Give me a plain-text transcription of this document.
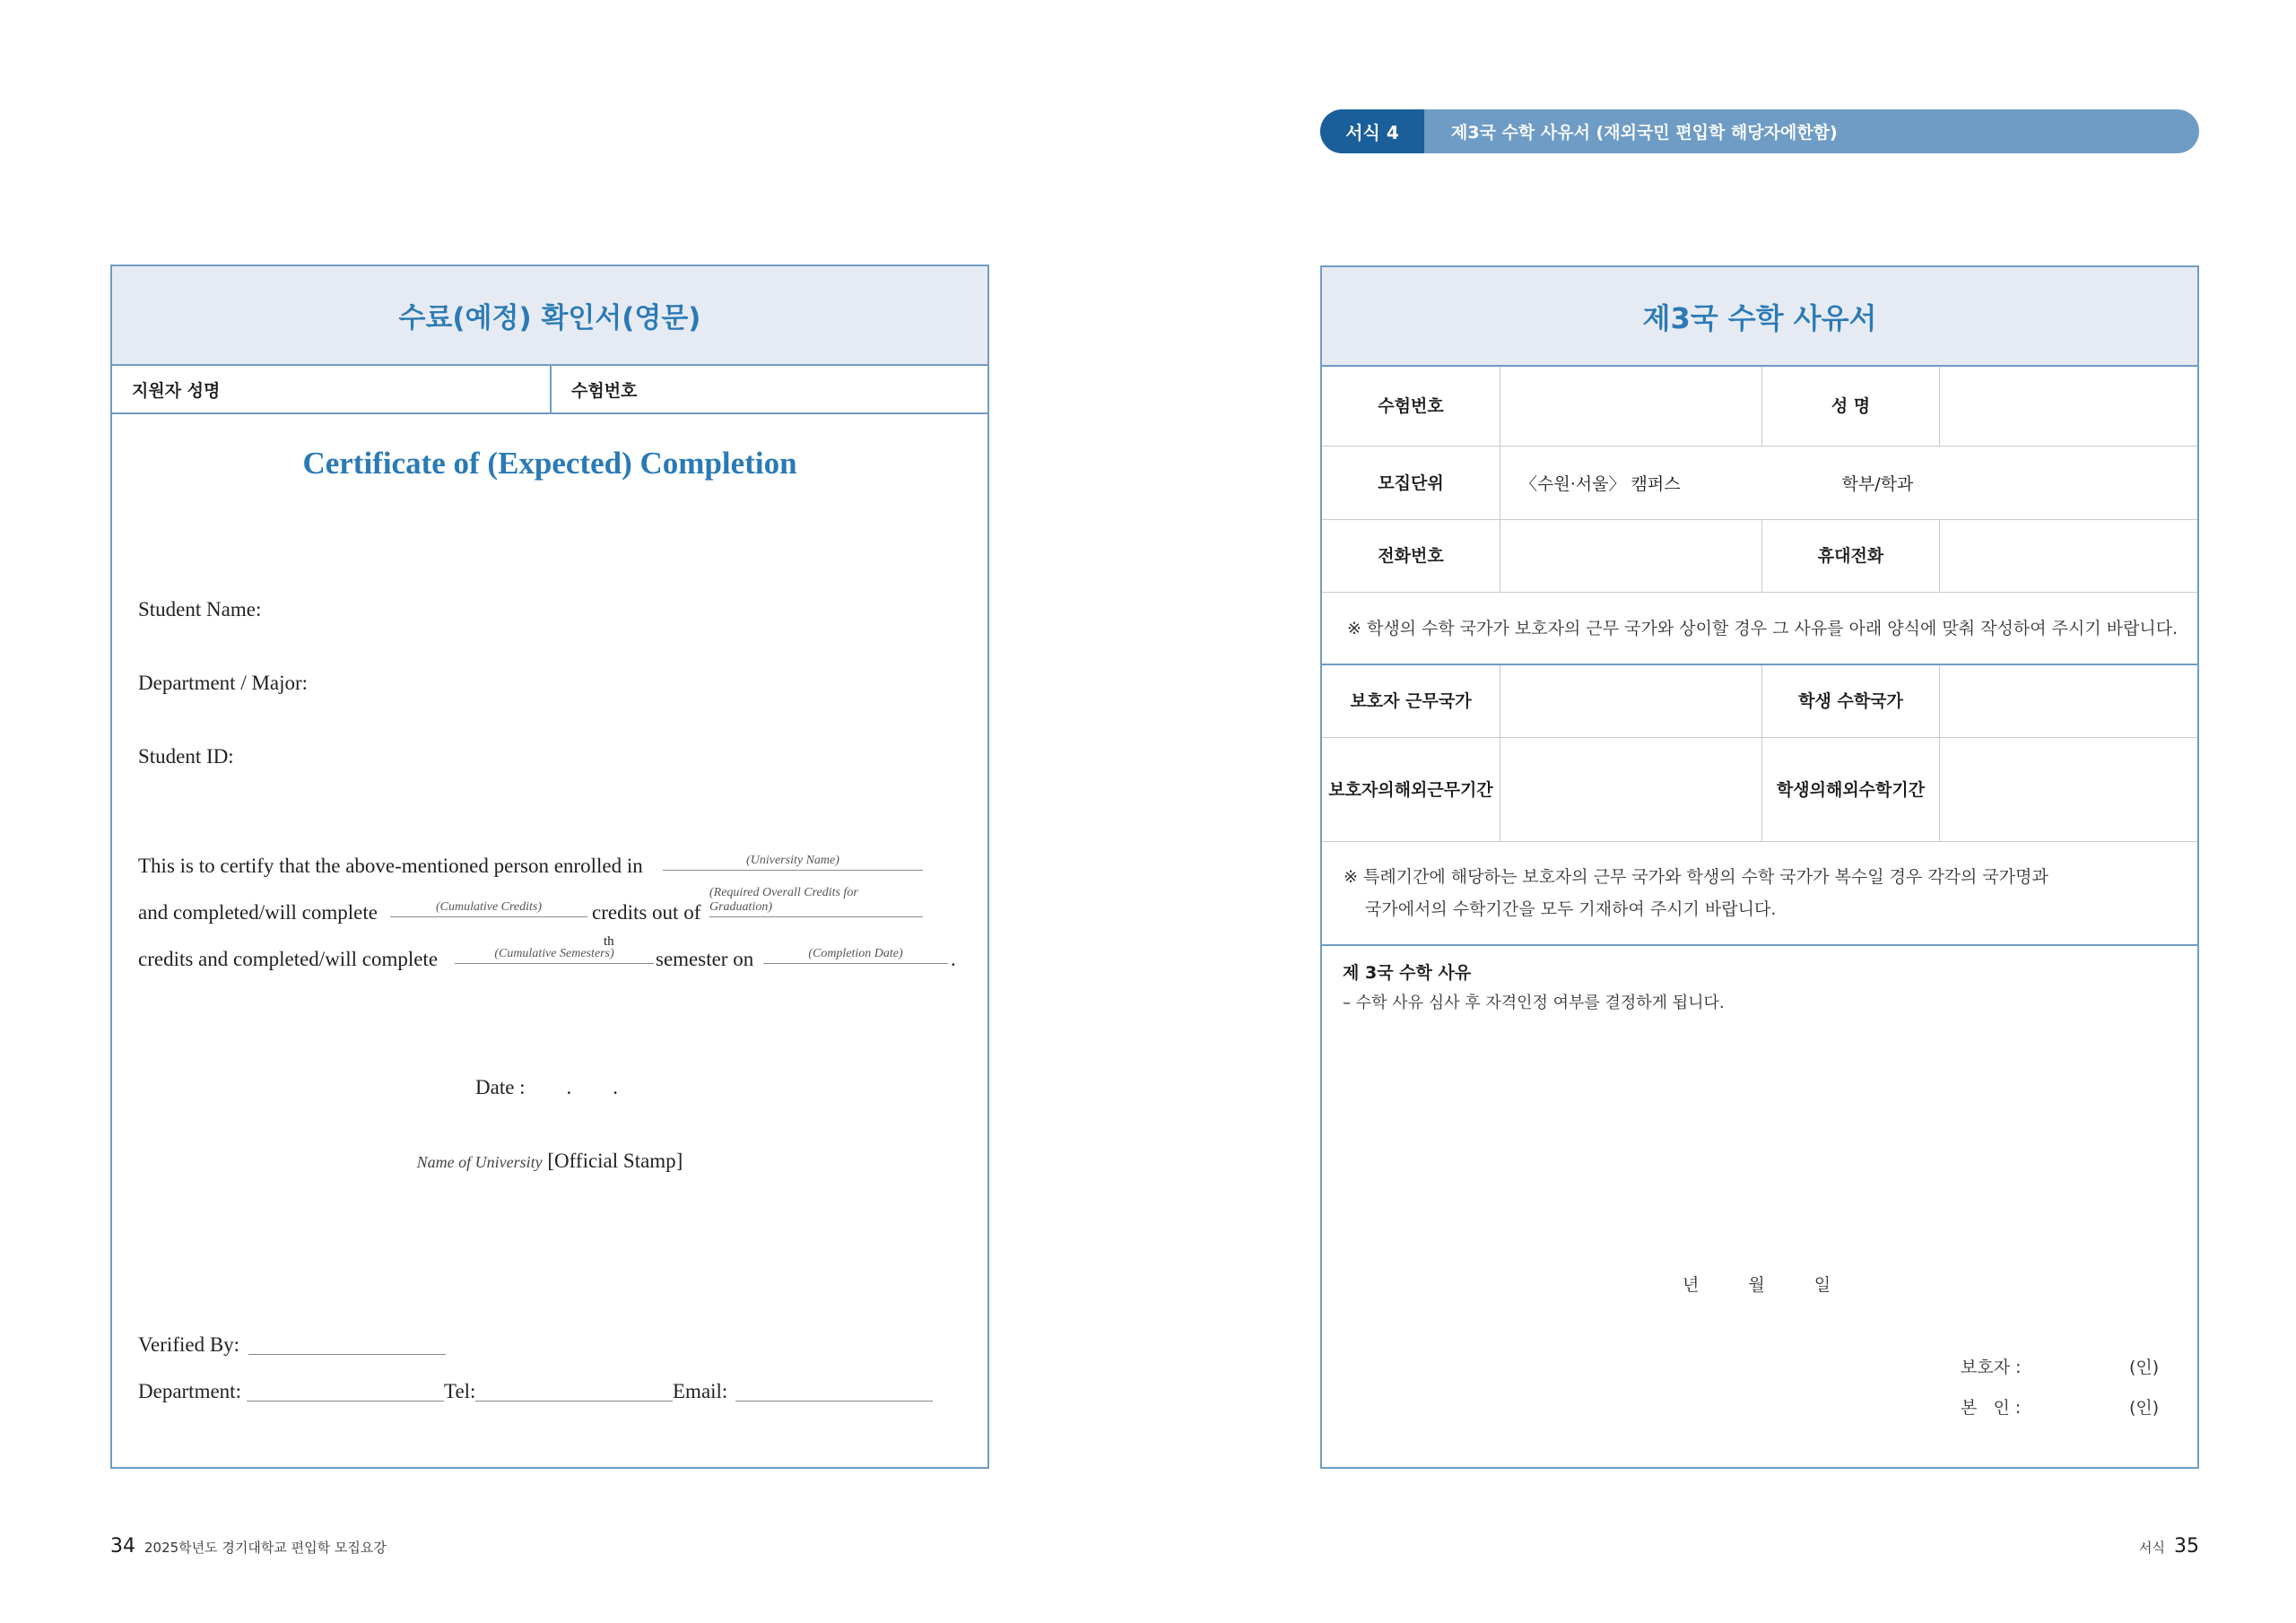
수료(예정) 확인서(영문)
지원자 성명	수험번호
Certificate of (Expected) Completion
Student Name:
Department / Major:
Student ID:
This is to certify that the above-mentioned person enrolled in	(University Name)
and completed/will complete	(Cumulative Credits) credits out of
(Required Overall Credits for Graduation)
credits and completed/will complete	(Cumulative Semesters)
th
semester on	(Completion Date) .
Date :        .        .
Name of University [Official Stamp]
Verified By:
Department:	Tel:	Email:
서식 4	제3국 수학 사유서 (재외국민 편입학 해당자에한함)
제3국 수학 사유서
수험번호	성 명
모집단위	〈수원·서울〉 캠퍼스	학부/학과
전화번호	휴대전화
※ 학생의 수학 국가가 보호자의 근무 국가와 상이할 경우 그 사유를 아래 양식에 맞춰 작성하여 주시기 바랍니다.
보호자 근무국가	학생 수학국가
보호자의 해외근무기간	학생의 해외수학기간
※ 특례기간에 해당하는 보호자의 근무 국가와 학생의 수학 국가가 복수일 경우 각각의 국가명과
국가에서의 수학기간을 모두 기재하여 주시기 바랍니다.
제 3국 수학 사유
– 수학 사유 심사 후 자격인정 여부를 결정하게 됩니다.
년	월	일
보호자 :	(인)
본   인 :	(인)
34 2025학년도 경기대학교 편입학 모집요강	서식 35
